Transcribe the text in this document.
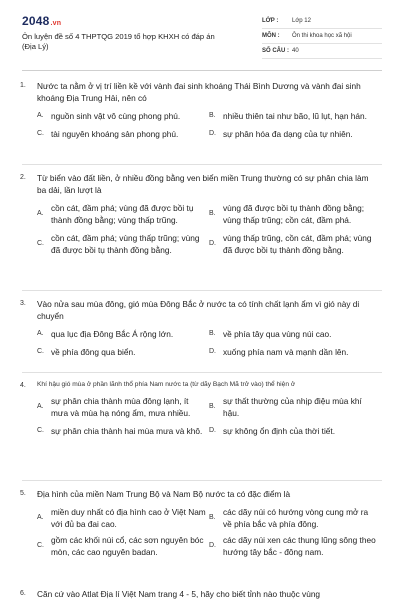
2048.vn
Ôn luyện đề số 4 THPTQG 2019 tổ hợp KHXH có đáp án (Địa Lý)
LỚP :	Lớp 12
MÔN :	Ôn thi khoa học xã hội
SỐ CÂU : 40
1.	Nước ta nằm ở vị trí liền kề với vành đai sinh khoáng Thái Bình Dương và vành đai sinh khoáng Địa Trung Hải, nên có
A. nguồn sinh vật vô cùng phong phú.	B. nhiều thiên tai như bão, lũ lụt, hạn hán.
C. tài nguyên khoáng sản phong phú.	D. sự phân hóa đa dạng của tự nhiên.
2.	Từ biển vào đất liền, ở nhiều đồng bằng ven biển miền Trung thường có sự phân chia làm ba dải, lần lượt là
A.
cồn cát, đầm phá; vùng đã được bồi tụ thành đồng bằng; vùng thấp trũng.
B.
vùng đã được bồi tụ thành đồng bằng; vùng thấp trũng; cồn cát, đầm phá.
C.
cồn cát, đầm phá; vùng thấp trũng; vùng đã được bồi tụ thành đồng bằng.
D.
vùng thấp trũng, cồn cát, đầm phá; vùng đã được bồi tụ thành đồng bằng.
3.	Vào nửa sau mùa đông, gió mùa Đông Bắc ở nước ta có tính chất lạnh ẩm vì gió này di chuyển
A. qua lục địa Đông Bắc Á rộng lớn.	B. về phía tây qua vùng núi cao.
C. về phía đông qua biển.	D. xuống phía nam và mạnh dần lên.
4.	Khí hậu gió mùa ở phần lãnh thổ phía Nam nước ta (từ dãy Bạch Mã trở vào) thể hiện ở
A.
sự phân chia thành mùa đông lạnh, ít mưa và mùa hạ nóng ẩm, mưa nhiều.
B.
sự thất thường của nhịp điệu mùa khí hậu.
C. sự phân chia thành hai mùa mưa và khô. D. sự không ổn định của thời tiết.
5.	Địa hình của miền Nam Trung Bộ và Nam Bộ nước ta có đặc điểm là
A.
miền duy nhất có địa hình cao ở Việt Nam với đủ ba đai cao.
B.
các dãy núi có hướng vòng cung mở ra về phía bắc và phía đông.
C.
gồm các khối núi cổ, các sơn nguyên bóc mòn, các cao nguyên badan.
D.
các dãy núi xen các thung lũng sông theo hướng tây bắc - đông nam.
6.	Căn cứ vào Atlat Địa lí Việt Nam trang 4 - 5, hãy cho biết tỉnh nào thuộc vùng
